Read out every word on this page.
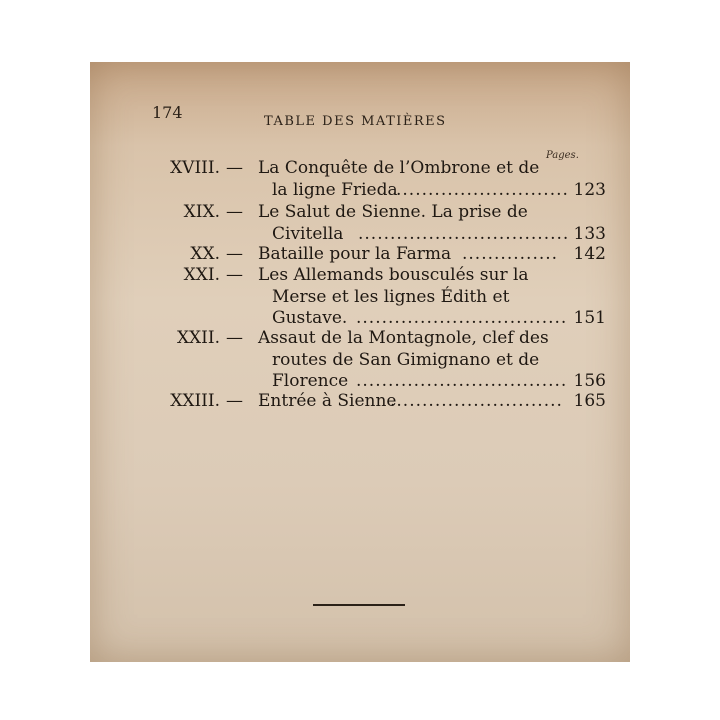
174	TABLE DES MATIÈRES
Pages.
XVIII. — La Conquête de l’Ombrone et de
la ligne Frieda
........................... 123
XIX. — Le Salut de Sienne. La prise de
Civitella ................................. 133
XX. — Bataille pour la Farma ............... 142
XXI. — Les Allemands bousculés sur la
Merse et les lignes Édith et
Gustave. ................................. 151
XXII. — Assaut de la Montagnole, clef des
routes de San Gimignano et de
Florence ................................. 156
XXIII. — Entrée à Sienne
........................... 165
